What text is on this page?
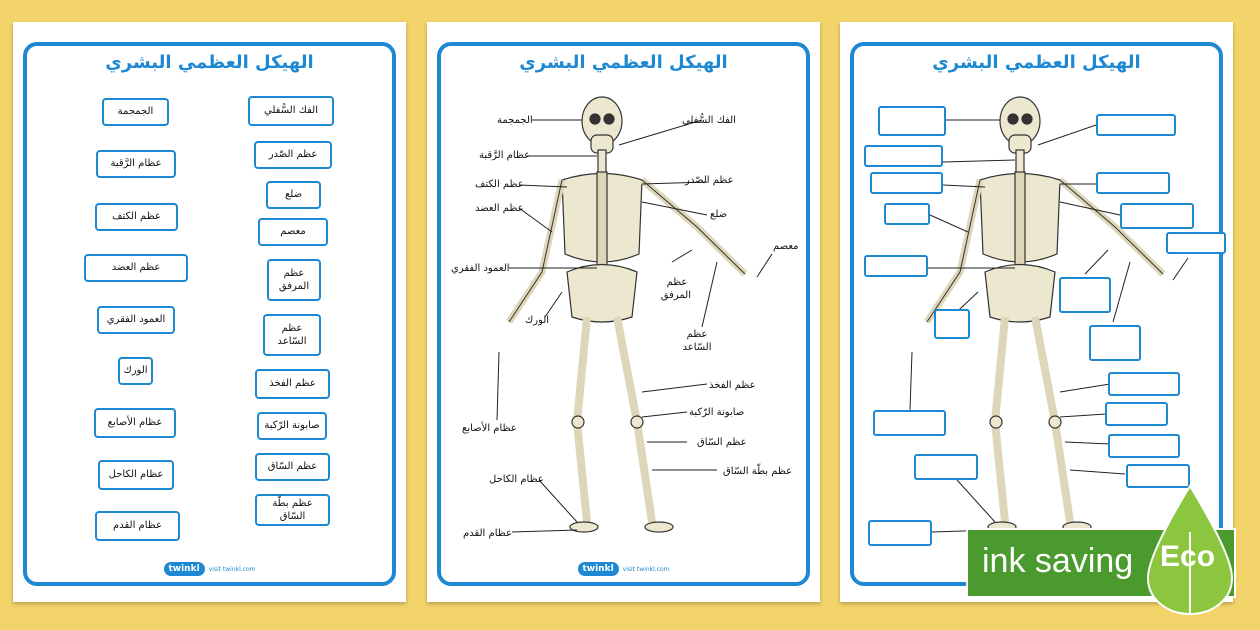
الهيكل العظمي البشري
الجمجمة	الفك السُّفلي
عظام الرَّقبة
عظم الصّدر
عظم الكتف
ضلع
معصم
عظم العضد	عظم المرفق
العمود الفقري
عظم السّاعد
الورك
عظم الفخذ
عظام الأصابع	صابونة الرّكبة
عظام الكاحل
عظم السّاق
عظام القدم
عظم بطّة السّاق
twinkl	visit twinkl.com
الهيكل العظمي البشري
الجمجمة	الفك السُّفلي
عظام الرَّقبة
عظم الصّدر
عظم الكتف
ضلع
عظم العضد
معصم
العمود الفقري
عظم المرفق
عظم السّاعد
الورك
عظم الفخذ
عظام الأصابع
صابونة الرّكبة
عظم السّاق
عظم بطّة السّاق
عظام الكاحل
عظام القدم
twinkl	visit twinkl.com
الهيكل العظمي البشري
ink saving Eco
